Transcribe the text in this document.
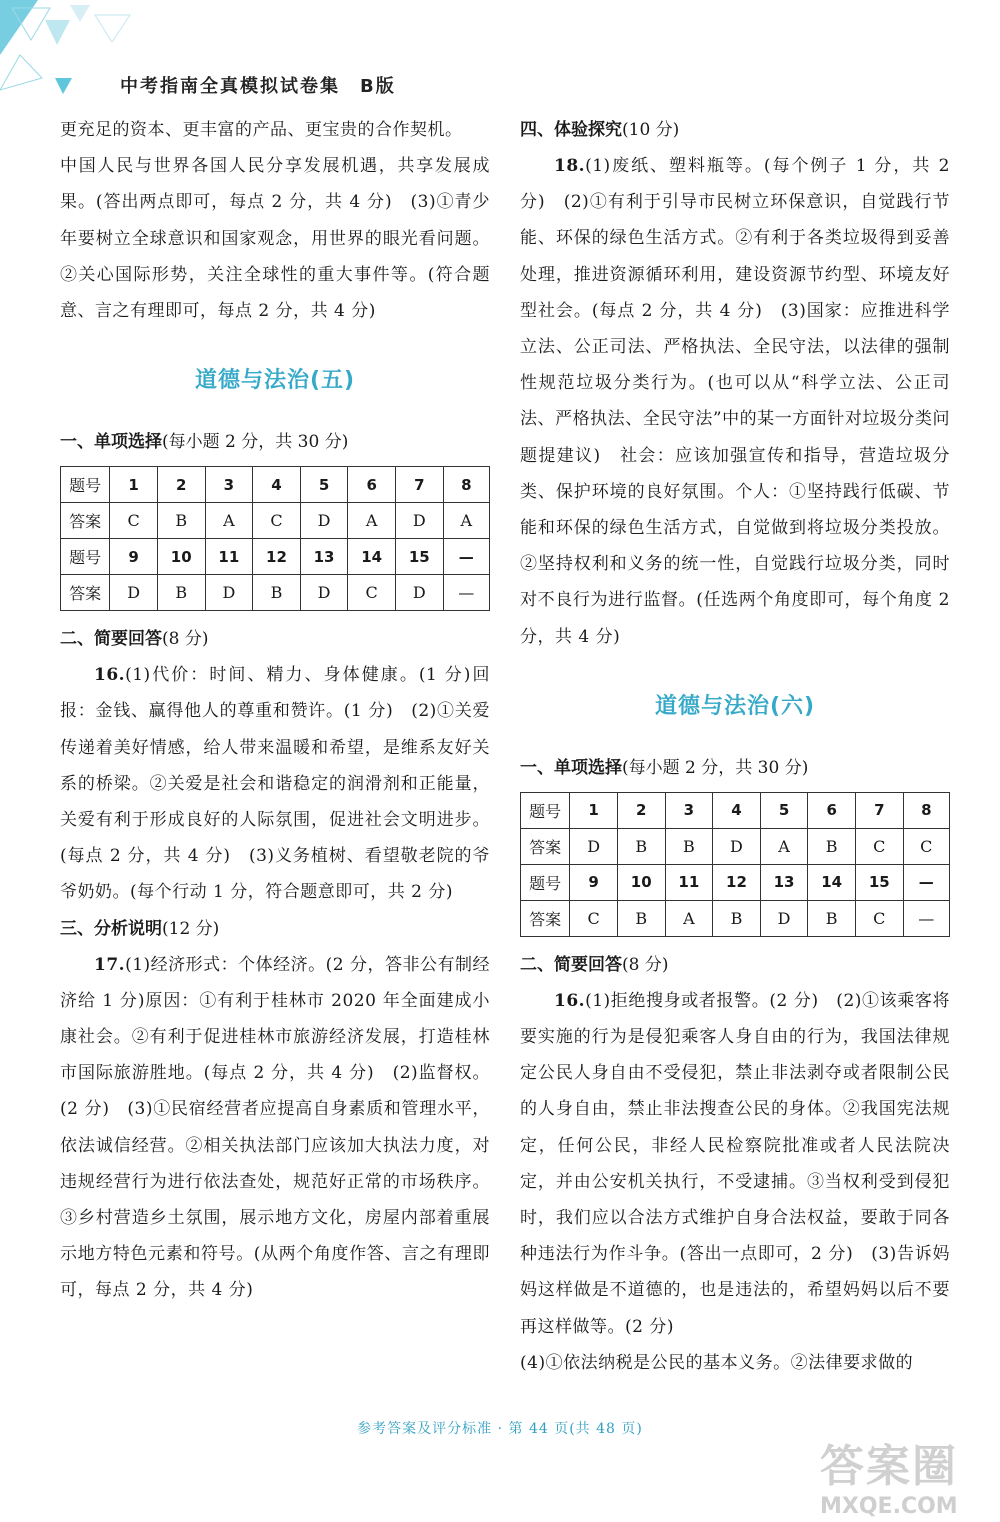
中考指南全真模拟试卷集 B版
更充足的资本、更丰富的产品、更宝贵的合作契机。
中国人民与世界各国人民分享发展机遇，共享发展成果。(答出两点即可，每点 2 分，共 4 分)　(3)①青少年要树立全球意识和国家观念，用世界的眼光看问题。②关心国际形势，关注全球性的重大事件等。(符合题意、言之有理即可，每点 2 分，共 4 分)
道德与法治(五)
一、单项选择(每小题 2 分，共 30 分)
题号	1	2	3	4	5	6	7	8
答案	C	B	A	C	D	A	D	A
题号	9	10	11	12	13	14	15	—
答案	D	B	D	B	D	C	D	—
二、简要回答(8 分)
16.(1)代价：时间、精力、身体健康。(1 分)回报：金钱、赢得他人的尊重和赞许。(1 分)　(2)①关爱传递着美好情感，给人带来温暖和希望，是维系友好关系的桥梁。②关爱是社会和谐稳定的润滑剂和正能量，关爱有利于形成良好的人际氛围，促进社会文明进步。(每点 2 分，共 4 分)　(3)义务植树、看望敬老院的爷爷奶奶。(每个行动 1 分，符合题意即可，共 2 分)
三、分析说明(12 分)
17.(1)经济形式：个体经济。(2 分，答非公有制经济给 1 分)原因：①有利于桂林市 2020 年全面建成小康社会。②有利于促进桂林市旅游经济发展，打造桂林市国际旅游胜地。(每点 2 分，共 4 分)　(2)监督权。(2 分)　(3)①民宿经营者应提高自身素质和管理水平，依法诚信经营。②相关执法部门应该加大执法力度，对违规经营行为进行依法查处，规范好正常的市场秩序。③乡村营造乡土氛围，展示地方文化，房屋内部着重展示地方特色元素和符号。(从两个角度作答、言之有理即可，每点 2 分，共 4 分)
四、体验探究(10 分)
18.(1)废纸、塑料瓶等。(每个例子 1 分，共 2 分)　(2)①有利于引导市民树立环保意识，自觉践行节能、环保的绿色生活方式。②有利于各类垃圾得到妥善处理，推进资源循环利用，建设资源节约型、环境友好型社会。(每点 2 分，共 4 分)　(3)国家：应推进科学立法、公正司法、严格执法、全民守法，以法律的强制性规范垃圾分类行为。(也可以从“科学立法、公正司法、严格执法、全民守法”中的某一方面针对垃圾分类问题提建议)　社会：应该加强宣传和指导，营造垃圾分类、保护环境的良好氛围。个人：①坚持践行低碳、节能和环保的绿色生活方式，自觉做到将垃圾分类投放。②坚持权利和义务的统一性，自觉践行垃圾分类，同时对不良行为进行监督。(任选两个角度即可，每个角度 2 分，共 4 分)
道德与法治(六)
一、单项选择(每小题 2 分，共 30 分)
题号	1	2	3	4	5	6	7	8
答案	D	B	B	D	A	B	C	C
题号	9	10	11	12	13	14	15	—
答案	C	B	A	B	D	B	C	—
二、简要回答(8 分)
16.(1)拒绝搜身或者报警。(2 分)　(2)①该乘客将要实施的行为是侵犯乘客人身自由的行为，我国法律规定公民人身自由不受侵犯，禁止非法剥夺或者限制公民的人身自由，禁止非法搜查公民的身体。②我国宪法规定，任何公民，非经人民检察院批准或者人民法院决定，并由公安机关执行，不受逮捕。③当权利受到侵犯时，我们应以合法方式维护自身合法权益，要敢于同各种违法行为作斗争。(答出一点即可，2 分)　(3)告诉妈妈这样做是不道德的，也是违法的，希望妈妈以后不要再这样做等。(2 分)
(4)①依法纳税是公民的基本义务。②法律要求做的
参考答案及评分标准 · 第 44 页(共 48 页)
答案圈
MXQE.COM
